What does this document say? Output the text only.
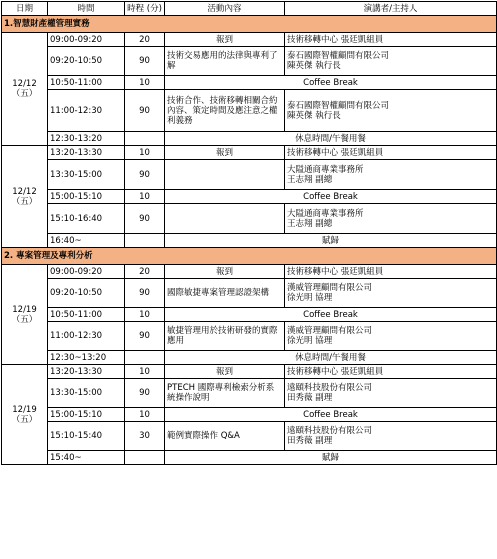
日期	時間	時程 (分)	活動內容	演講者/主持人
1.智慧財產權管理實務				

12/12
（五）	09:00-09:20	20	報到	技術移轉中心 張廷凱組員

	09:20-10:50	90	技術交易應用的法律與專利了解	泰石國際智權顧問有限公司
陳英傑 執行長

	10:50-11:00	10	Coffee Break	
	11:00-12:30	90	技術合作、技術移轉相關合約內容、策定時間及應注意之權利義務	泰石國際智權顧問有限公司
陳英傑 執行長

	12:30-13:20		休息時間/午餐用餐	

12/12
（五）	13:20-13:30	10	報到	技術移轉中心 張廷凱組員

	13:30-15:00	90		大隘通商專業事務所
王志翔 副總

	15:00-15:10	10	Coffee Break	
	15:10-16:40	90		大隘通商專業事務所
王志翔 副總

	16:40~		賦歸	
2. 專案管理及專利分析				

12/19
（五）	09:00-09:20	20	報到	技術移轉中心 張廷凱組員

	09:20-10:50	90	國際敏捷專案管理認證架構	漢威管理顧問有限公司
徐光明 協理

	10:50-11:00	10	Coffee Break	
	11:00-12:30	90	敏捷管理用於技術研發的實際應用	漢威管理顧問有限公司
徐光明 協理

	12:30~13:20		休息時間/午餐用餐	

12/19
（五）	13:20-13:30	10	報到	技術移轉中心 張廷凱組員

	13:30-15:00	90	PTECH 國際專利檢索分析系統操作說明	遠頤科技股份有限公司
田秀薇 副理

	15:00-15:10	10	Coffee Break	
	15:10-15:40	30	範例實際操作 Q&A	遠頤科技股份有限公司
田秀薇 副理

	15:40~		賦歸	
